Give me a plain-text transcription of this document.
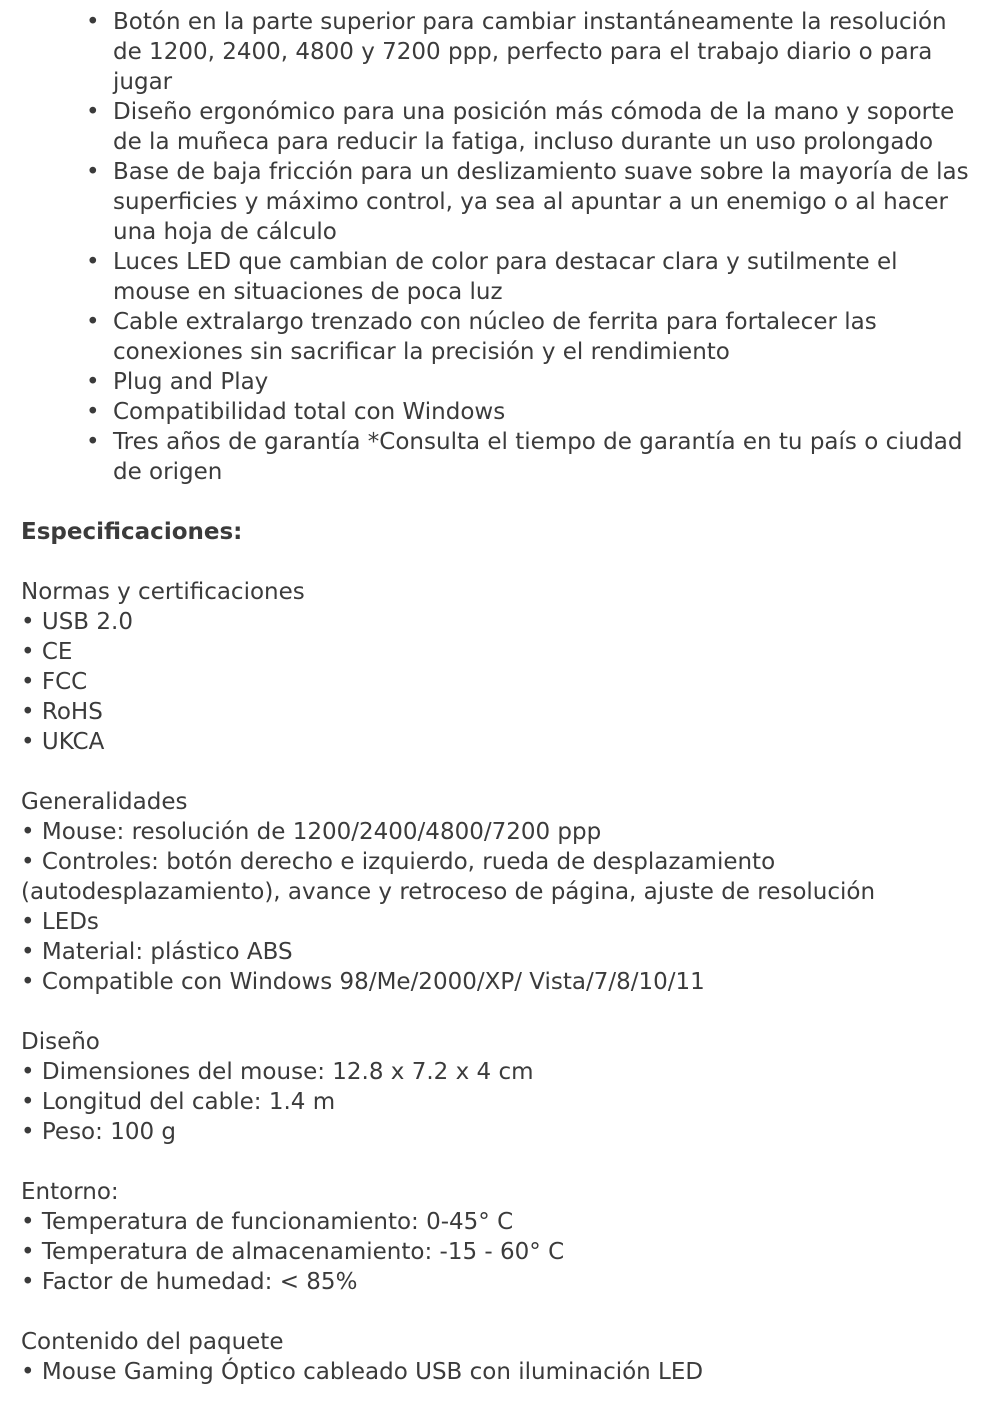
• Botón en la parte superior para cambiar instantáneamente la resolución de 1200, 2400, 4800 y 7200 ppp, perfecto para el trabajo diario o para jugar
• Diseño ergonómico para una posición más cómoda de la mano y soporte de la muñeca para reducir la fatiga, incluso durante un uso prolongado
• Base de baja fricción para un deslizamiento suave sobre la mayoría de las superficies y máximo control, ya sea al apuntar a un enemigo o al hacer una hoja de cálculo
• Luces LED que cambian de color para destacar clara y sutilmente el mouse en situaciones de poca luz
• Cable extralargo trenzado con núcleo de ferrita para fortalecer las conexiones sin sacrificar la precisión y el rendimiento
• Plug and Play
• Compatibilidad total con Windows
• Tres años de garantía *Consulta el tiempo de garantía en tu país o ciudad de origen
Especificaciones:
Normas y certificaciones
• USB 2.0
• CE
• FCC
• RoHS
• UKCA
Generalidades
• Mouse: resolución de 1200/2400/4800/7200 ppp
• Controles: botón derecho e izquierdo, rueda de desplazamiento (autodesplazamiento), avance y retroceso de página, ajuste de resolución
• LEDs
• Material: plástico ABS
• Compatible con Windows 98/Me/2000/XP/ Vista/7/8/10/11
Diseño
• Dimensiones del mouse: 12.8 x 7.2 x 4 cm
• Longitud del cable: 1.4 m
• Peso: 100 g
Entorno:
• Temperatura de funcionamiento: 0-45° C
• Temperatura de almacenamiento: -15 - 60° C
• Factor de humedad: < 85%
Contenido del paquete
• Mouse Gaming Óptico cableado USB con iluminación LED
